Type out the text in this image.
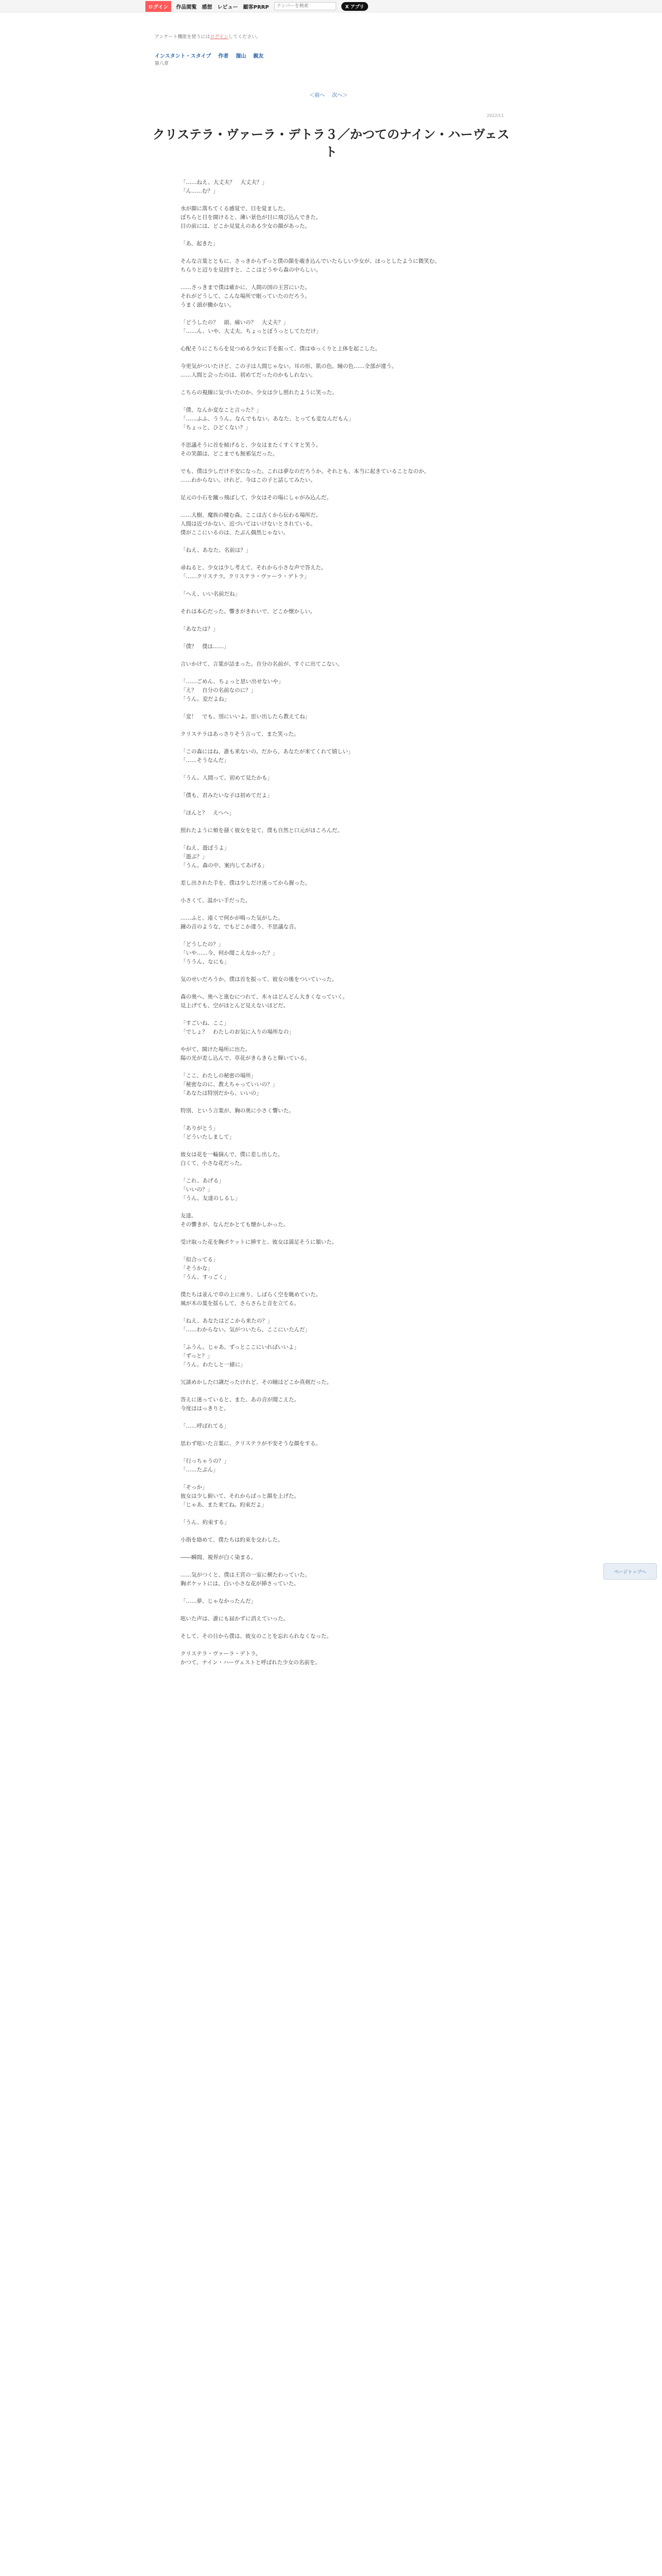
ログイン	作品閲覧 感想 レビュー 顧客PRRP
ナンバーを検索	X アプリ
アンケート機能を使うにはログインしてください。
インスタント・スタイプ 作者 溜山 親友
第八章
＜前へ 次へ＞
2022/11
クリステラ・ヴァーラ・デトラ３／かつてのナイン・ハーヴェスト

「……ねえ、大丈夫？　大丈夫？」
「ん……む？」

水が顔に落ちてくる感覚で、目を覚ました。
ぼちらと目を開けると、薄い景色が目に飛び込んできた。
目の前には、どこか見覚えのある少女の顔があった。

「あ、起きた」

そんな言葉とともに、さっきからずっと僕の顔を覗き込んでいたらしい少女が、ほっとしたように微笑む。
ちらりと辺りを見回すと、ここはどうやら森の中らしい。

……さっきまで僕は確かに、人間の国の王宮にいた。
それがどうして、こんな場所で眠っていたのだろう。
うまく頭が働かない。

「どうしたの？　頭、痛いの？　大丈夫？」
「……ん、いや、大丈夫。ちょっとぼうっとしてただけ」

心配そうにこちらを見つめる少女に手を振って、僕はゆっくりと上体を起こした。

今更気がついたけど、この子は人間じゃない。耳の形、肌の色、瞳の色……全部が違う。
……人間と会ったのは、初めてだったのかもしれない。

こちらの視線に気づいたのか、少女は少し照れたように笑った。

「僕、なんか変なこと言った？」
「……ふふ、ううん。なんでもない。あなた、とっても変なんだもん」
「ちょっと、ひどくない？」

不思議そうに首を傾げると、少女はまたくすくすと笑う。
その笑顔は、どこまでも無邪気だった。

でも、僕は少しだけ不安になった。これは夢なのだろうか。それとも、本当に起きていることなのか。
……わからない。けれど、今はこの子と話してみたい。

足元の小石を蹴っ飛ばして、少女はその場にしゃがみ込んだ。

……大樹、魔族の棲む森。ここは古くから伝わる場所だ。
人間は近づかない、近づいてはいけないとされている。
僕がここにいるのは、たぶん偶然じゃない。

「ねえ、あなた、名前は？」

尋ねると、少女は少し考えて、それから小さな声で答えた。
「……クリステラ。クリステラ・ヴァーラ・デトラ」

「へえ、いい名前だね」

それは本心だった。響きがきれいで、どこか懐かしい。

「あなたは？」

「僕？　僕は……」

言いかけて、言葉が詰まった。自分の名前が、すぐに出てこない。

「……ごめん、ちょっと思い出せないや」
「え？　自分の名前なのに？」
「うん。変だよね」

「変！　でも、別にいいよ。思い出したら教えてね」

クリステラはあっさりそう言って、また笑った。

「この森にはね、誰も来ないの。だから、あなたが来てくれて嬉しい」
「……そうなんだ」

「うん。人間って、初めて見たかも」

「僕も、君みたいな子は初めてだよ」

「ほんと？　えへへ」

照れたように頬を掻く彼女を見て、僕も自然と口元がほころんだ。

「ねえ、遊ぼうよ」
「遊ぶ？」
「うん。森の中、案内してあげる」

差し出された手を、僕は少しだけ迷ってから握った。

小さくて、温かい手だった。

……ふと、遠くで何かが鳴った気がした。
鐘の音のような、でもどこか違う、不思議な音。

「どうしたの？」
「いや……今、何か聞こえなかった？」
「ううん、なにも」

気のせいだろうか。僕は首を振って、彼女の後をついていった。

森の奥へ、奥へと進むにつれて、木々はどんどん大きくなっていく。
見上げても、空がほとんど見えないほどだ。

「すごいね、ここ」
「でしょ？　わたしのお気に入りの場所なの」

やがて、開けた場所に出た。
陽の光が差し込んで、草花がきらきらと輝いている。

「ここ、わたしの秘密の場所」
「秘密なのに、教えちゃっていいの？」
「あなたは特別だから、いいの」

特別、という言葉が、胸の奥に小さく響いた。

「ありがとう」
「どういたしまして」

彼女は花を一輪摘んで、僕に差し出した。
白くて、小さな花だった。

「これ、あげる」
「いいの？」
「うん。友達のしるし」

友達。
その響きが、なんだかとても懐かしかった。

受け取った花を胸ポケットに挿すと、彼女は満足そうに頷いた。

「似合ってる」
「そうかな」
「うん、すっごく」

僕たちは並んで草の上に座り、しばらく空を眺めていた。
風が木の葉を揺らして、さらさらと音を立てる。

「ねえ、あなたはどこから来たの？」
「……わからない。気がついたら、ここにいたんだ」

「ふうん。じゃあ、ずっとここにいればいいよ」
「ずっと？」
「うん。わたしと一緒に」

冗談めかした口調だったけれど、その瞳はどこか真剣だった。

答えに迷っていると、また、あの音が聞こえた。
今度ははっきりと。

「……呼ばれてる」

思わず呟いた言葉に、クリステラが不安そうな顔をする。

「行っちゃうの？」
「……たぶん」

「そっか」
彼女は少し俯いて、それからぱっと顔を上げた。
「じゃあ、また来てね。約束だよ」

「うん、約束する」

小指を絡めて、僕たちは約束を交わした。

――瞬間、視界が白く染まる。

……気がつくと、僕は王宮の一室に横たわっていた。
胸ポケットには、白い小さな花が挿さっていた。

「……夢、じゃなかったんだ」

呟いた声は、誰にも届かずに消えていった。

そして、その日から僕は、彼女のことを忘れられなくなった。

クリステラ・ヴァーラ・デトラ。
かつて、ナイン・ハーヴェストと呼ばれた少女の名前を。

ページトップへ
